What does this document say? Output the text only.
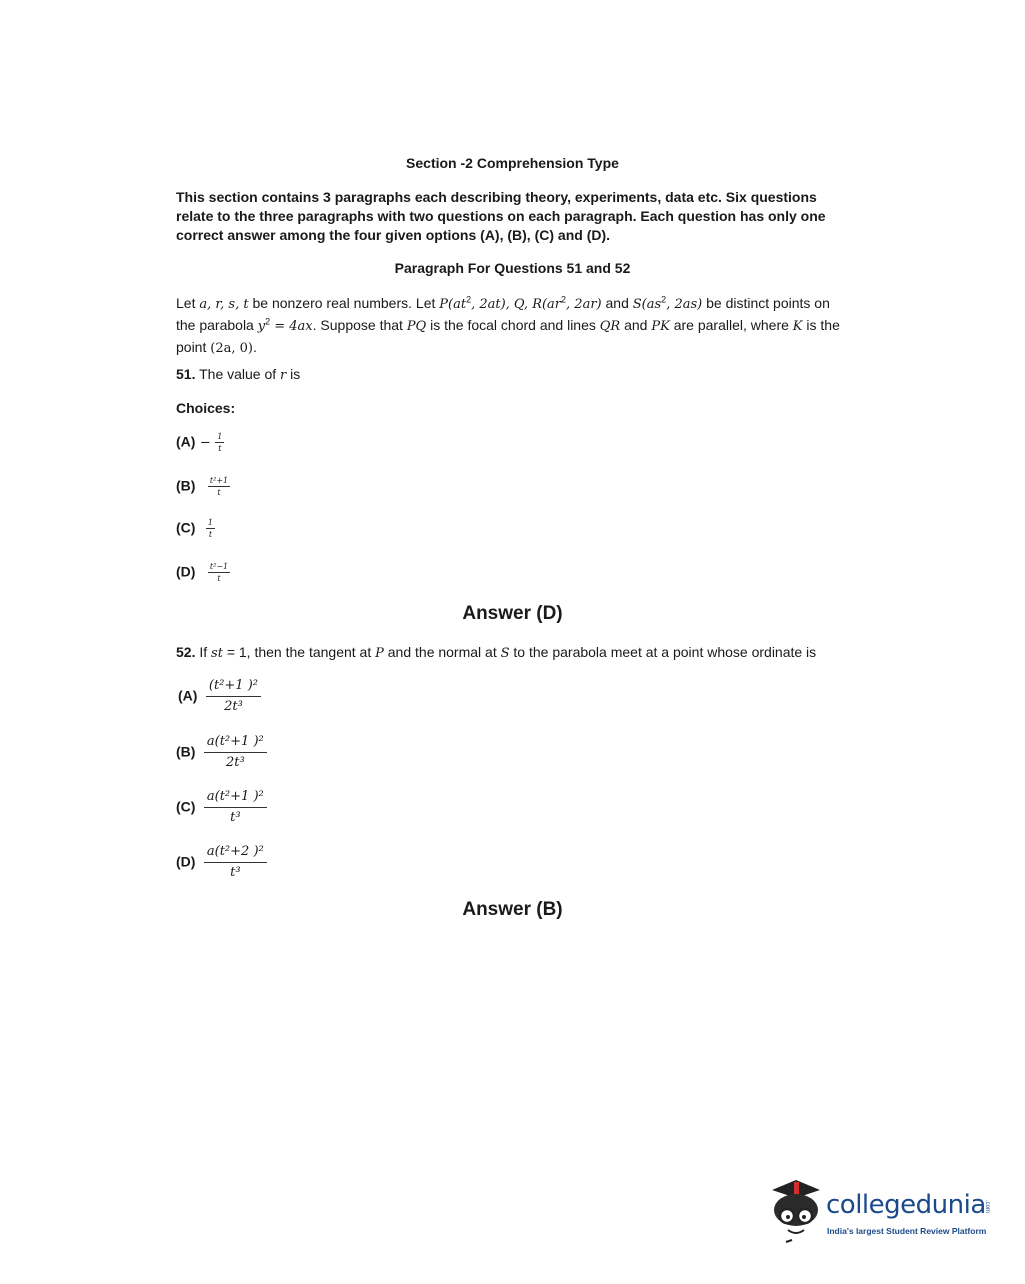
Section -2 Comprehension Type
This section contains 3 paragraphs each describing theory, experiments, data etc. Six questions relate to the three paragraphs with two questions on each paragraph. Each question has only one correct answer among the four given options (A), (B), (C) and (D).
Paragraph For Questions 51 and 52
Let a, r, s, t be nonzero real numbers. Let $P(at^2$, 2at), Q, $R(ar^2$, 2ar) and $S(as^2$, 2as) be distinct points on the parabola $y^2 = 4ax$. Suppose that PQ is the focal chord and lines QR and PK are parallel, where K is the point (2a, 0).
51. The value of r is
Choices:
$(A) - \frac{1}{t}$
$(B) \frac{\text{t²+1}}{t}$
$(C) \frac{1}{t}$
$(D) \frac{\text{t²−1}}{t}$
Answer (D)
52. If st = 1, then the tangent at P and the normal at S to the parabola meet at a point whose ordinate is
$(A) \frac{\text{(t²+1 )²}}{\text{2t³}}$
$(B) \frac{\text{a(t²+1 )²}}{\text{2t³}}$
$(C) \frac{\text{a(t²+1 )²}}{\text{t³}}$
$(D) \frac{\text{a(t²+2 )²}}{\text{t³}}$
Answer (B)
collegedunia
.com
India's largest Student Review Platform
